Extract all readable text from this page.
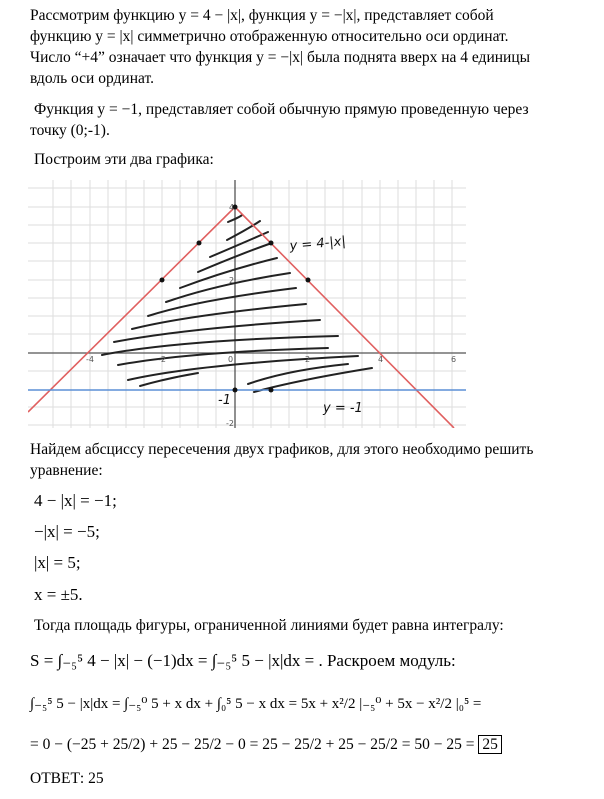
Рассмотрим функцию y = 4 − |x|, функция y = −|x|, представляет собой
функцию y = |x| симметрично отображенную относительно оси ординат.
Число “+4” означает что функция y = −|x| была поднята вверх на 4 единицы
вдоль оси ординат.
Функция y = −1, представляет собой обычную прямую проведенную через
точку (0;-1).
Построим эти два графика:
-4	-2	0	2	4	6
4
2
-2
y = 4-|x|
y = -1
-1
Найдем абсциссу пересечения двух графиков, для этого необходимо решить
уравнение:
4 − |x| = −1;
−|x| = −5;
|x| = 5;
x = ±5.
Тогда площадь фигуры, ограниченной линиями будет равна интегралу:
S = ∫₋₅⁵ 4 − |x| − (−1)dx = ∫₋₅⁵ 5 − |x|dx = . Раскроем модуль:
∫₋₅⁵ 5 − |x|dx = ∫₋₅⁰ 5 + x dx + ∫₀⁵ 5 − x dx = 5x + x²/2 |₋₅⁰ + 5x − x²/2 |₀⁵ =
= 0 − (−25 + 25/2) + 25 − 25/2 − 0 = 25 − 25/2 + 25 − 25/2 = 50 − 25 = 25
ОТВЕТ: 25
